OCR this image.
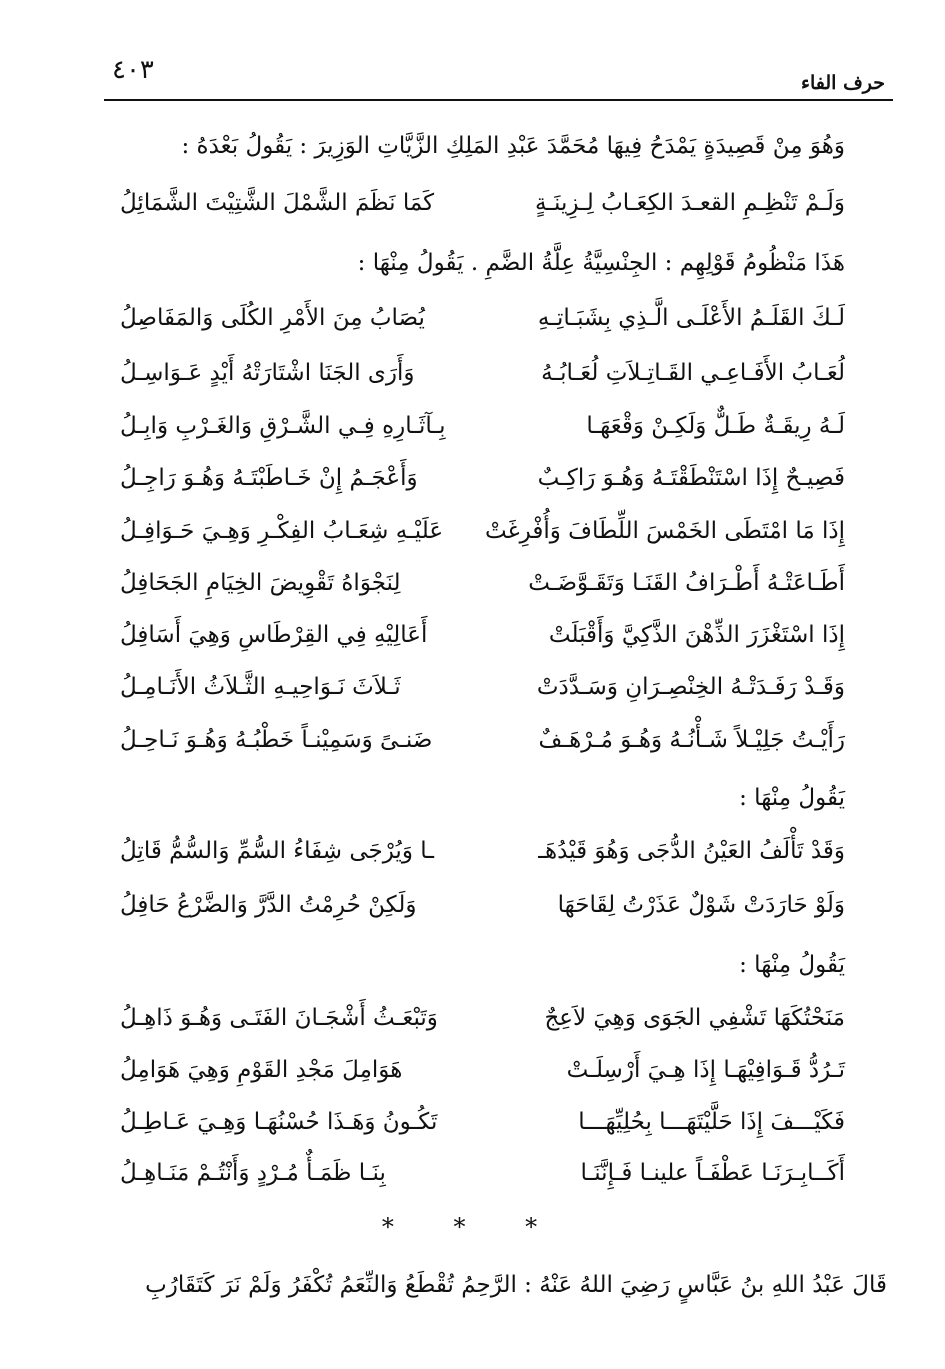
٤٠٣	حرف الفاء
وَهُوَ مِنْ قَصِيدَةٍ يَمْدَحُ فِيهَا مُحَمَّدَ عَبْدِ المَلِكِ الزَّيَّاتِ الوَزِيرَ : يَقُولُ بَعْدَهُ :
وَلَـمْ تَنْظِـمِ القعـدَ الكِعَـابُ لِـزِينَـةٍ
كَمَا نَظَمَ الشَّمْلَ الشَّتِيْتَ الشَّمَائِلُ
هَذَا مَنْظُومُ قَوْلِهِم : الجِنْسِيَّةُ عِلَّةُ الضَّمِ . يَقُولُ مِنْهَا :
لَـكَ القَلَـمُ الأَعْلَـى الَّـذِي بِشَبَـاتِـهِ
يُصَابُ مِنَ الأَمْرِ الكُلَى وَالمَفَاصِلُ
لُعَـابُ الأَفَـاعِـي القَـاتِـلاَتِ لُعَـابُـهُ
وَأَرَى الجَنَا اشْتَارَتْهُ أَيْدٍ عَـوَاسِـلُ
لَـهُ رِيقَـةٌ طَـلٌّ وَلَكِـنْ وَقْعَهَـا
بِـآثَـارِهِ فِـي الشَّـرْقِ وَالغَـرْبِ وَابِـلُ
فَصِيـحٌ إِذَا اسْتَنْطَقْتَـهُ وَهُـوَ رَاكِـبٌ
وَأَعْجَـمُ إِنْ خَـاطَبْتَـهُ وَهُـوَ رَاجِـلُ
إِذَا مَا امْتَطَى الخَمْسَ اللِّطَافَ وَأُفْرِغَتْ
عَلَيْـهِ شِعَـابُ الفِكْـرِ وَهِـيَ حَـوَافِـلُ
أَطَـاعَتْـهُ أَطْـرَافُ القَنَـا وَتَقَـوَّضَـتْ
لِنَجْوَاهُ تَقْوِيضَ الخِيَامِ الجَحَافِلُ
إِذَا اسْتَغْزَرَ الذِّهْنَ الذَّكِيَّ وَأَقْبَلَتْ
أَعَالِيْهِ فِي القِرْطَاسِ وَهِيَ أَسَافِلُ
وَقَـدْ رَفَـدَتْـهُ الخِنْصِـرَانِ وَسَـدَّدَتْ
ثَـلاَثَ نَـوَاحِيـهِ الثَّـلاَثُ الأَنَـامِـلُ
رَأَيْـتُ جَلِيْـلاً شَـأْنُـهُ وَهُـوَ مُـرْهَـفٌ
ضَنـىً وَسَمِيْنـاً خَطْبُـهُ وَهُـوَ نَـاحِـلُ
يَقُولُ مِنْهَا :
وَقَدْ تَأْلَفُ العَيْنُ الدُّجَى وَهُوَ قَيْدُهَـ
ـا وَيُرْجَى شِفَاءُ السُّمِّ وَالسُّمُّ قَاتِلُ
وَلَوْ حَارَدَتْ شَوْلٌ عَذَرْتُ لِقَاحَهَا
وَلَكِنْ حُرِمْتُ الدَّرَّ وَالضَّرْعُ حَافِلُ
يَقُولُ مِنْهَا :
مَنَحْتُكَهَا تَشْفِي الجَوَى وَهِيَ لاَعِجٌ
وَتَبْعَـثُ أَشْجَـانَ الفَتَـى وَهُـوَ ذَاهِـلُ
تَـرُدُّ قَـوَافِيْهَـا إِذَا هِـيَ أَرْسِلَـتْ
هَوَامِلَ مَجْدِ القَوْمِ وَهِيَ هَوَامِلُ
فَكَيْـــفَ إِذَا حَلَّيْتَهَـــا بِحُلِيِّهَـــا
تَكُـونُ وَهَـذَا حُسْنُهَـا وَهِـيَ عَـاطِـلُ
أَكَــابِـرَنَـا عَطْفَـاً علينـا فَـإِنَّنَـا
بِنَـا ظَمَـأٌ مُـرْدٍ وَأَنْتُـمْ مَنَـاهِـلُ
* * *
قَالَ عَبْدُ اللهِ بنُ عَبَّاسٍ رَضِيَ اللهُ عَنْهُ : الرَّحِمُ تُقْطَعُ وَالنِّعَمُ تُكْفَرُ وَلَمْ نَرَ كَتَقَارُبِ
